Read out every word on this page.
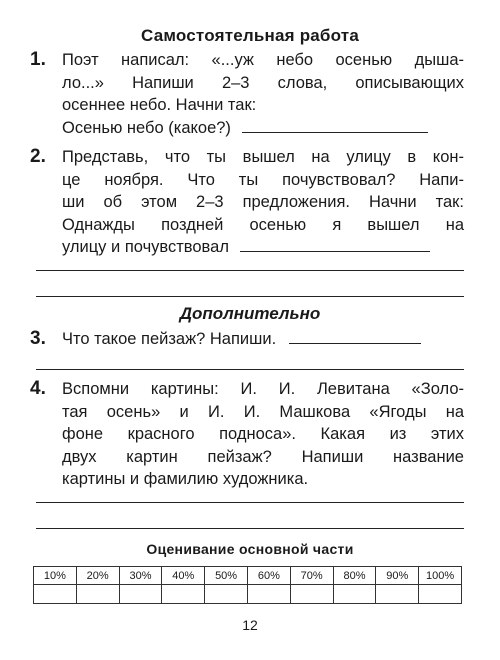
Самостоятельная работа
1. Поэт написал: «...уж небо осенью дыша-
ло...» Напиши 2–3 слова, описывающих
осеннее небо. Начни так:
Осенью небо (какое?)
2. Представь, что ты вышел на улицу в кон-
це ноября. Что ты почувствовал? Напи-
ши об этом 2–3 предложения. Начни так:
Однажды поздней осенью я вышел на
улицу и почувствовал
Дополнительно
3. Что такое пейзаж? Напиши.
4. Вспомни картины: И. И. Левитана «Золо-
тая осень» и И. И. Машкова «Ягоды на
фоне красного подноса». Какая из этих
двух картин пейзаж? Напиши название
картины и фамилию художника.
Оценивание основной части
10%	20%	30%	40%	50%	60%	70%	80%	90%	100%

12
